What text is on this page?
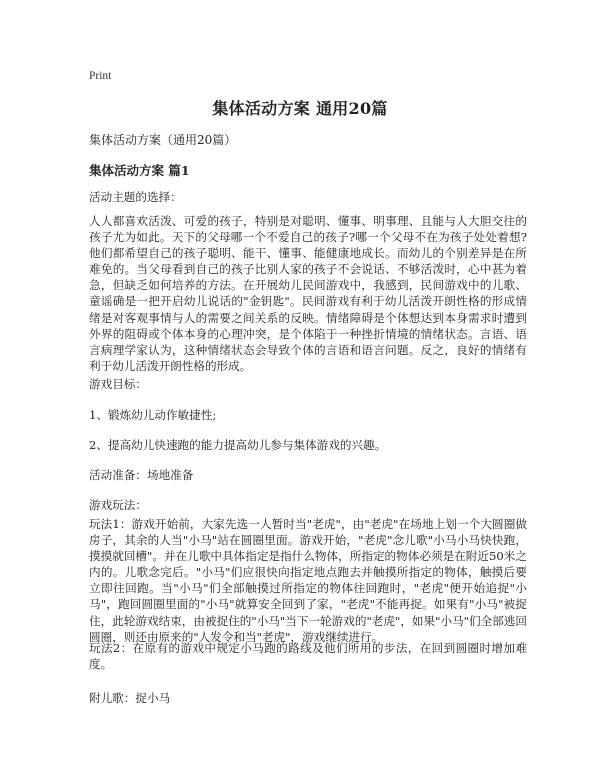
Print
集体活动方案 通用20篇
集体活动方案（通用20篇）
集体活动方案 篇1
活动主题的选择：
人人都喜欢活泼、可爱的孩子，特别是对聪明、懂事、明事理、且能与人大胆交往的孩子尤为如此。天下的父母哪一个不爱自己的孩子?哪一个父母不在为孩子处处着想?他们都希望自己的孩子聪明、能干、懂事、能健康地成长。而幼儿的个别差异是在所难免的。当父母看到自己的孩子比别人家的孩子不会说话、不够活泼时，心中甚为着急，但缺乏如何培养的方法。在开展幼儿民间游戏中，我感到，民间游戏中的儿歌、童谣确是一把开启幼儿说话的"金钥匙"。民间游戏有利于幼儿活泼开朗性格的形成情绪是对客观事情与人的需要之间关系的反映。情绪障碍是个体想达到本身需求时遭到外界的阻碍或个体本身的心理冲突，是个体陷于一种挫折情境的情绪状态。言语、语言病理学家认为，这种情绪状态会导致个体的言语和语言问题。反之，良好的情绪有利于幼儿活泼开朗性格的形成。
游戏目标：
1、锻炼幼儿动作敏捷性;
2、提高幼儿快速跑的能力提高幼儿参与集体游戏的兴趣。
活动准备：场地准备
游戏玩法：
玩法1：游戏开始前，大家先选一人暂时当"老虎"，由"老虎"在场地上划一个大圆圈做房子，其余的人当"小马"站在圆圈里面。游戏开始，"老虎"念儿歌"小马小马快快跑，摸摸就回槽"。并在儿歌中具体指定是指什么物体，所指定的物体必须是在附近50米之内的。儿歌念完后。"小马"们应很快向指定地点跑去并触摸所指定的物体，触摸后要立即往回跑。当"小马"们全部触摸过所指定的物体往回跑时，"老虎"便开始追捉"小马"，跑回圆圈里面的"小马"就算安全回到了家，"老虎"不能再捉。如果有"小马"被捉住，此轮游戏结束，由被捉住的"小马"当下一轮游戏的"老虎"，如果"小马"们全部逃回圆圈，则还由原来的"人发令和当"老虎"，游戏继续进行。
玩法2：在原有的游戏中规定小马跑的路线及他们所用的步法，在回到圆圈时增加难度。
附儿歌：捉小马
